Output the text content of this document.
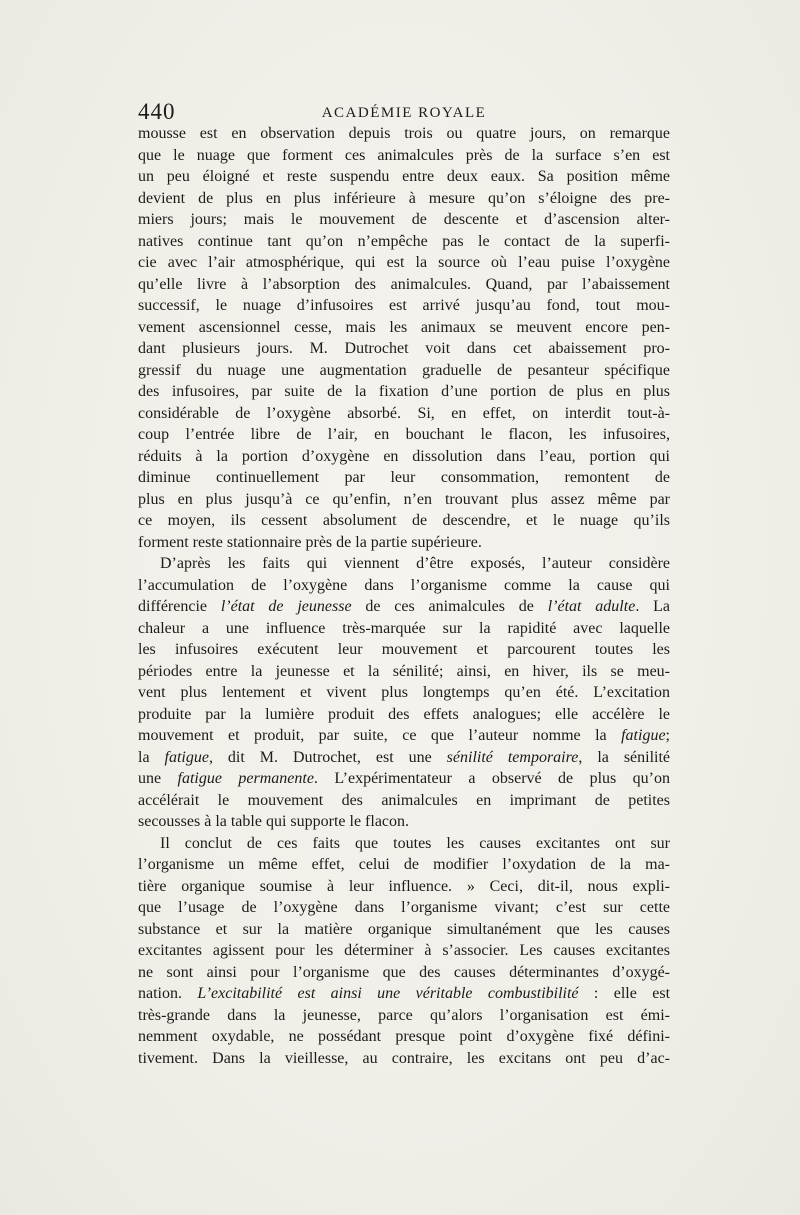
440	ACADÉMIE ROYALE
mousse est en observation depuis trois ou quatre jours, on remarque
que le nuage que forment ces animalcules près de la surface s’en est
un peu éloigné et reste suspendu entre deux eaux. Sa position même
devient de plus en plus inférieure à mesure qu’on s’éloigne des pre-
miers jours; mais le mouvement de descente et d’ascension alter-
natives continue tant qu’on n’empêche pas le contact de la superfi-
cie avec l’air atmosphérique, qui est la source où l’eau puise l’oxygène
qu’elle livre à l’absorption des animalcules. Quand, par l’abaissement
successif, le nuage d’infusoires est arrivé jusqu’au fond, tout mou-
vement ascensionnel cesse, mais les animaux se meuvent encore pen-
dant plusieurs jours. M. Dutrochet voit dans cet abaissement pro-
gressif du nuage une augmentation graduelle de pesanteur spécifique
des infusoires, par suite de la fixation d’une portion de plus en plus
considérable de l’oxygène absorbé. Si, en effet, on interdit tout-à-
coup l’entrée libre de l’air, en bouchant le flacon, les infusoires,
réduits à la portion d’oxygène en dissolution dans l’eau, portion qui
diminue continuellement par leur consommation, remontent de
plus en plus jusqu’à ce qu’enfin, n’en trouvant plus assez même par
ce moyen, ils cessent absolument de descendre, et le nuage qu’ils
forment reste stationnaire près de la partie supérieure.
D’après les faits qui viennent d’être exposés, l’auteur considère
l’accumulation de l’oxygène dans l’organisme comme la cause qui
différencie l’état de jeunesse de ces animalcules de l’état adulte. La
chaleur a une influence très-marquée sur la rapidité avec laquelle
les infusoires exécutent leur mouvement et parcourent toutes les
périodes entre la jeunesse et la sénilité; ainsi, en hiver, ils se meu-
vent plus lentement et vivent plus longtemps qu’en été. L’excitation
produite par la lumière produit des effets analogues; elle accélère le
mouvement et produit, par suite, ce que l’auteur nomme la fatigue;
la fatigue, dit M. Dutrochet, est une sénilité temporaire, la sénilité
une fatigue permanente. L’expérimentateur a observé de plus qu’on
accélérait le mouvement des animalcules en imprimant de petites
secousses à la table qui supporte le flacon.
Il conclut de ces faits que toutes les causes excitantes ont sur
l’organisme un même effet, celui de modifier l’oxydation de la ma-
tière organique soumise à leur influence. » Ceci, dit-il, nous expli-
que l’usage de l’oxygène dans l’organisme vivant; c’est sur cette
substance et sur la matière organique simultanément que les causes
excitantes agissent pour les déterminer à s’associer. Les causes excitantes
ne sont ainsi pour l’organisme que des causes déterminantes d’oxygé-
nation. L’excitabilité est ainsi une véritable combustibilité : elle est
très-grande dans la jeunesse, parce qu’alors l’organisation est émi-
nemment oxydable, ne possédant presque point d’oxygène fixé défini-
tivement. Dans la vieillesse, au contraire, les excitans ont peu d’ac-
